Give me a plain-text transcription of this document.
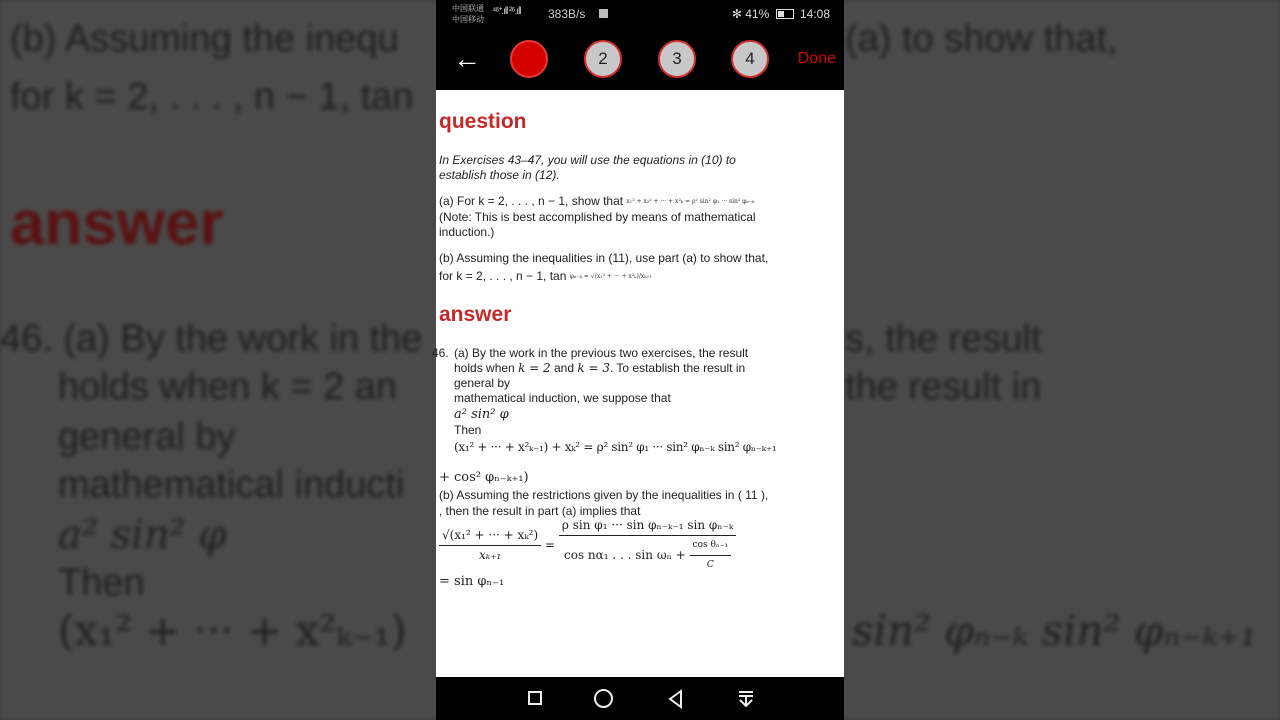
(b) Assuming the inequ
for k = 2, . . . , n − 1, tan
answer
46. (a) By the work in the
holds when k = 2 an
general by
mathematical inducti
a² sin² φ
Then
(x₁² + ··· + x²ₖ₋₁)
(a) to show that,
s, the result
the result in
sin² φₙ₋ₖ sin² φₙ₋ₖ₊₁
中国联通
中国移动
⁴⁶ᐩ.ıll ²⁶.ıll 383B/s	✻ 41%	14:08
←	1	2	3	4	Done
question
In Exercises 43–47, you will use the equations in (10) to establish those in (12).
(a) For k = 2, . . . , n − 1, show that x₁² + x₂² + ··· + x²ₖ = ρ² sin² φ₁ ··· sin² φₙ₋ₖ
(Note: This is best accomplished by means of mathematical induction.)
(b) Assuming the inequalities in (11), use part (a) to show that,
for k = 2, . . . , n − 1, tan φₙ₋ₖ = √(x₁² + ··· + x²ₖ)/xₖ₊₁
answer
46. (a) By the work in the previous two exercises, the result
holds when k = 2 and k = 3. To establish the result in
general by
mathematical induction, we suppose that
a² sin² φ
Then
(x₁² + ··· + x²ₖ₋₁) + xₖ² = ρ² sin² φ₁ ··· sin² φₙ₋ₖ sin² φₙ₋ₖ₊₁
+ cos² φₙ₋ₖ₊₁)
(b) Assuming the restrictions given by the inequalities in ( 11 ),
, then the result in part (a) implies that
$\frac{\text{√(x₁² + ··· + xₖ²)}}{\text{xₖ₊₁}}$ =
ρ sin φ₁ ··· sin φₙ₋ₖ₋₁ sin φₙ₋ₖ
cos nα₁ . . . $\sin \omega_n + \frac{\text{cos θₙ₋₁}}{C}$
= sin φₙ₋₁
